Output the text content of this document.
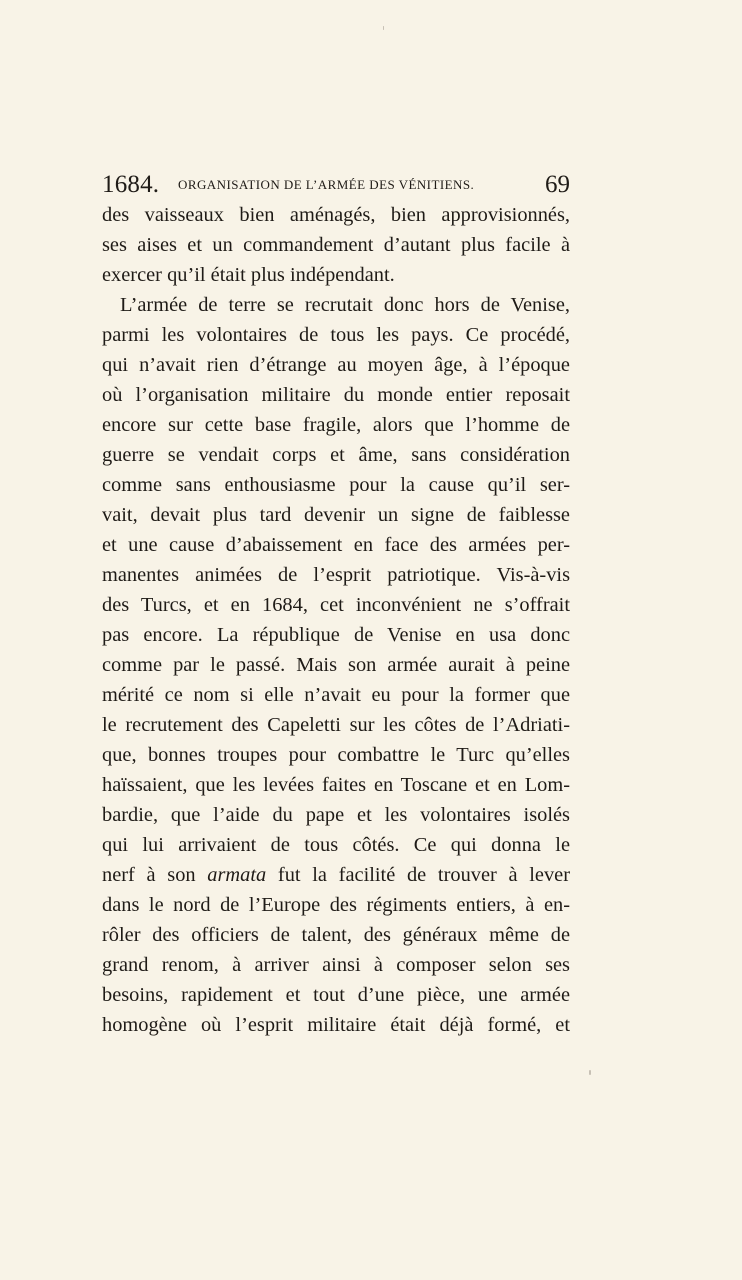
1684. ORGANISATION DE L’ARMÉE DES VÉNITIENS.	69
des vaisseaux bien aménagés, bien approvisionnés,
ses aises et un commandement d’autant plus facile à
exercer qu’il était plus indépendant.
L’armée de terre se recrutait donc hors de Venise,
parmi les volontaires de tous les pays. Ce procédé,
qui n’avait rien d’étrange au moyen âge, à l’époque
où l’organisation militaire du monde entier reposait
encore sur cette base fragile, alors que l’homme de
guerre se vendait corps et âme, sans considération
comme sans enthousiasme pour la cause qu’il ser-
vait, devait plus tard devenir un signe de faiblesse
et une cause d’abaissement en face des armées per-
manentes animées de l’esprit patriotique. Vis-à-vis
des Turcs, et en 1684, cet inconvénient ne s’offrait
pas encore. La république de Venise en usa donc
comme par le passé. Mais son armée aurait à peine
mérité ce nom si elle n’avait eu pour la former que
le recrutement des Capeletti sur les côtes de l’Adriati-
que, bonnes troupes pour combattre le Turc qu’elles
haïssaient, que les levées faites en Toscane et en Lom-
bardie, que l’aide du pape et les volontaires isolés
qui lui arrivaient de tous côtés. Ce qui donna le
nerf à son armata fut la facilité de trouver à lever
dans le nord de l’Europe des régiments entiers, à en-
rôler des officiers de talent, des généraux même de
grand renom, à arriver ainsi à composer selon ses
besoins, rapidement et tout d’une pièce, une armée
homogène où l’esprit militaire était déjà formé, et
